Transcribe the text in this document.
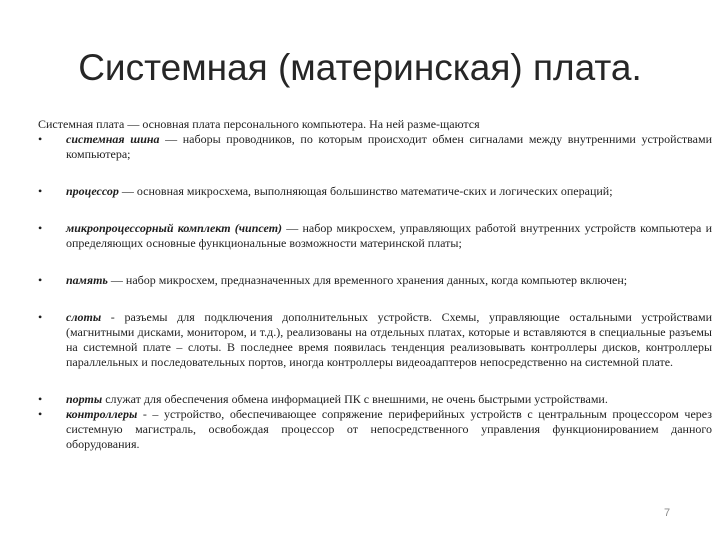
Системная (материнская) плата.

Системная плата — основная плата персонального компьютера. На ней разме-щаются

• системная шина — наборы проводников, по которым происходит обмен сигналами между внутренними устройствами компьютера;
• процессор — основная микросхема, выполняющая большинство математиче-ских и логических операций;
• микропроцессорный комплект (чипсет) — набор микросхем, управляющих работой внутренних устройств компьютера и определяющих основные функциональные возможности материнской платы;
• память — набор микросхем, предназначенных для временного хранения данных, когда компьютер включен;
• слоты - разъемы для подключения дополнительных устройств. Схемы, управляющие остальными устройствами (магнитными дисками, монитором, и т.д.), реализованы на отдельных платах, которые и вставляются в специальные разъемы на системной плате – слоты. В последнее время появилась тенденция реализовывать контроллеры дисков, контроллеры параллельных и последовательных портов, иногда контроллеры видеоадаптеров непосредственно на системной плате.
• порты служат для обеспечения обмена информацией ПК с внешними, не очень быстрыми устройствами.
• контроллеры - – устройство, обеспечивающее сопряжение периферийных устройств с центральным процессором через системную магистраль, освобождая процессор от непосредственного управления функционированием данного оборудования.
7
